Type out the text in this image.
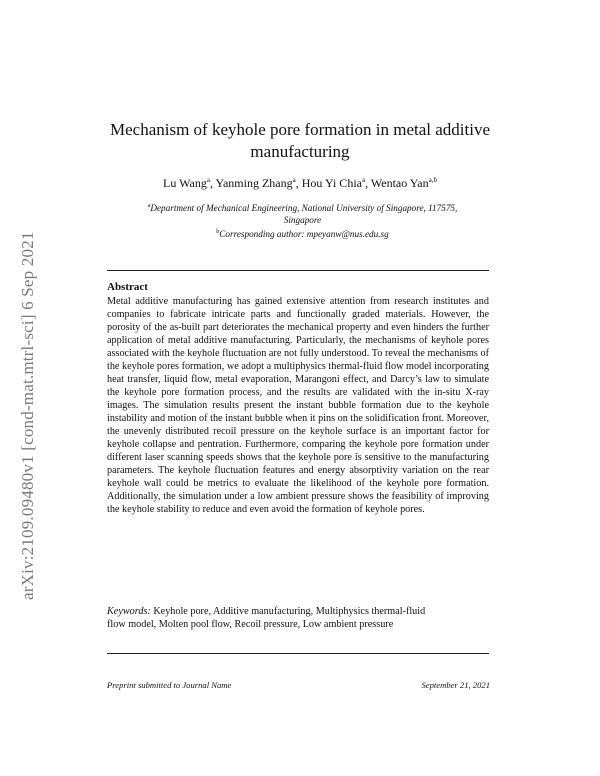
arXiv:2109.09480v1 [cond-mat.mtrl-sci] 6 Sep 2021
Mechanism of keyhole pore formation in metal additive manufacturing
Lu Wang$^a$, Yanming Zhang$^a$, Hou Yi Chia$^a$, Wentao Yan$^{a,b}$
$^a$Department of Mechanical Engineering, National University of Singapore, 117575, Singapore
$^b$Corresponding author: mpeyanw@nus.edu.sg
Abstract
Metal additive manufacturing has gained extensive attention from research institutes and companies to fabricate intricate parts and functionally graded materials. However, the porosity of the as-built part deteriorates the mechanical property and even hinders the further application of metal additive manufacturing. Particularly, the mechanisms of keyhole pores associated with the keyhole fluctuation are not fully understood. To reveal the mechanisms of the keyhole pores formation, we adopt a multiphysics thermal-fluid flow model incorporating heat transfer, liquid flow, metal evaporation, Marangoni effect, and Darcy’s law to simulate the keyhole pore formation process, and the results are validated with the in-situ X-ray images. The simulation results present the instant bubble formation due to the keyhole instability and motion of the instant bubble when it pins on the solidification front. Moreover, the unevenly distributed recoil pressure on the keyhole surface is an important factor for keyhole collapse and pentration. Furthermore, comparing the keyhole pore formation under different laser scanning speeds shows that the keyhole pore is sensitive to the manufacturing parameters. The keyhole fluctuation features and energy absorptivity variation on the rear keyhole wall could be metrics to evaluate the likelihood of the keyhole pore formation. Additionally, the simulation under a low ambient pressure shows the feasibility of improving the keyhole stability to reduce and even avoid the formation of keyhole pores.
Keywords: Keyhole pore, Additive manufacturing, Multiphysics thermal-fluid flow model, Molten pool flow, Recoil pressure, Low ambient pressure
Preprint submitted to Journal Name	September 21, 2021
